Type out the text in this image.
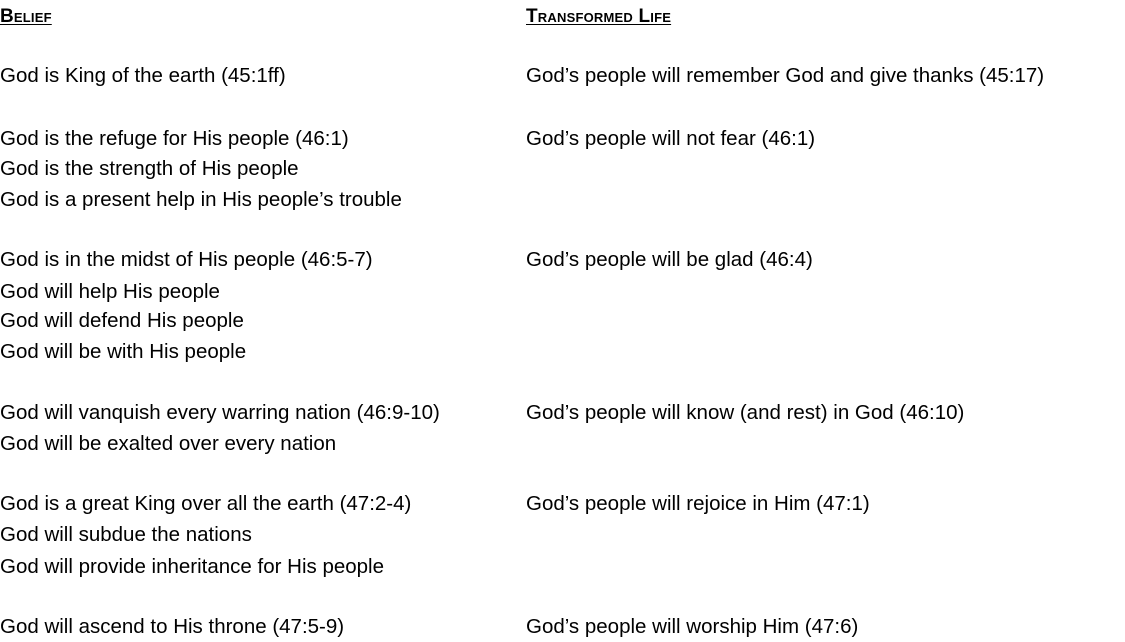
Belief
God is King of the earth (45:1ff)
God is the refuge for His people (46:1)
God is the strength of His people
God is a present help in His people’s trouble
God is in the midst of His people (46:5-7)
God will help His people
God will defend His people
God will be with His people
God will vanquish every warring nation (46:9-10)
God will be exalted over every nation
God is a great King over all the earth (47:2-4)
God will subdue the nations
God will provide inheritance for His people
God will ascend to His throne (47:5-9)
Transformed Life
God’s people will remember God and give thanks (45:17)
God’s people will not fear (46:1)
God’s people will be glad (46:4)
God’s people will know (and rest) in God (46:10)
God’s people will rejoice in Him (47:1)
God’s people will worship Him (47:6)
